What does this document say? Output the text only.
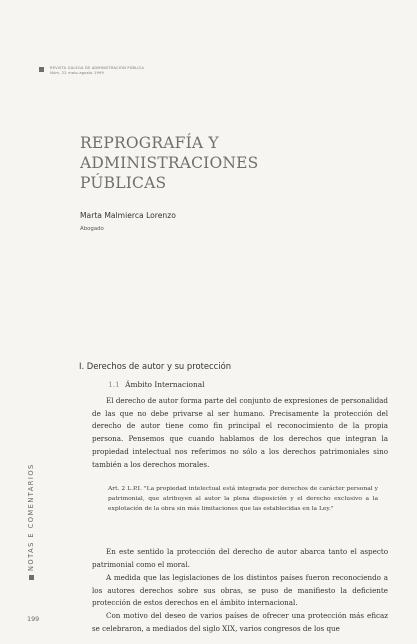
REVISTA GALEGA DE ADMINISTRACIÓN PÚBLICA
Núm. 22 maio-agosto 1999
REPROGRAFÍA Y ADMINISTRACIONES
PÚBLICAS
Marta Malmierca Lorenzo
Abogado
I. Derechos de autor y su protección
1.1 Ámbito Internacional

El derecho de autor forma parte del conjunto de expresiones de personalidad de las que no debe privarse al ser humano. Precisamente la protección del derecho de autor tiene como fin principal el reconocimiento de la propia persona. Pensemos que cuando hablamos de los derechos que integran la propiedad intelectual nos referimos no sólo a los derechos patrimoniales sino también a los derechos morales.

Art. 2 L.P.I. "La propiedad intelectual está integrada por derechos de carácter personal y patrimonial, que atribuyen al autor la plena disposición y el derecho exclusivo a la explotación de la obra sin más limitaciones que las establecidas en la Ley."

En este sentido la protección del derecho de autor abarca tanto el aspecto patrimonial como el moral.

A medida que las legislaciones de los distintos países fueron reconociendo a los autores derechos sobre sus obras, se puso de manifiesto la deficiente protección de estos derechos en el ámbito internacional.

Con motivo del deseo de varios países de ofrecer una protección más eficaz se celebraron, a mediados del siglo XIX, varios congresos de los que

NOTAS E COMENTARIOS
199
